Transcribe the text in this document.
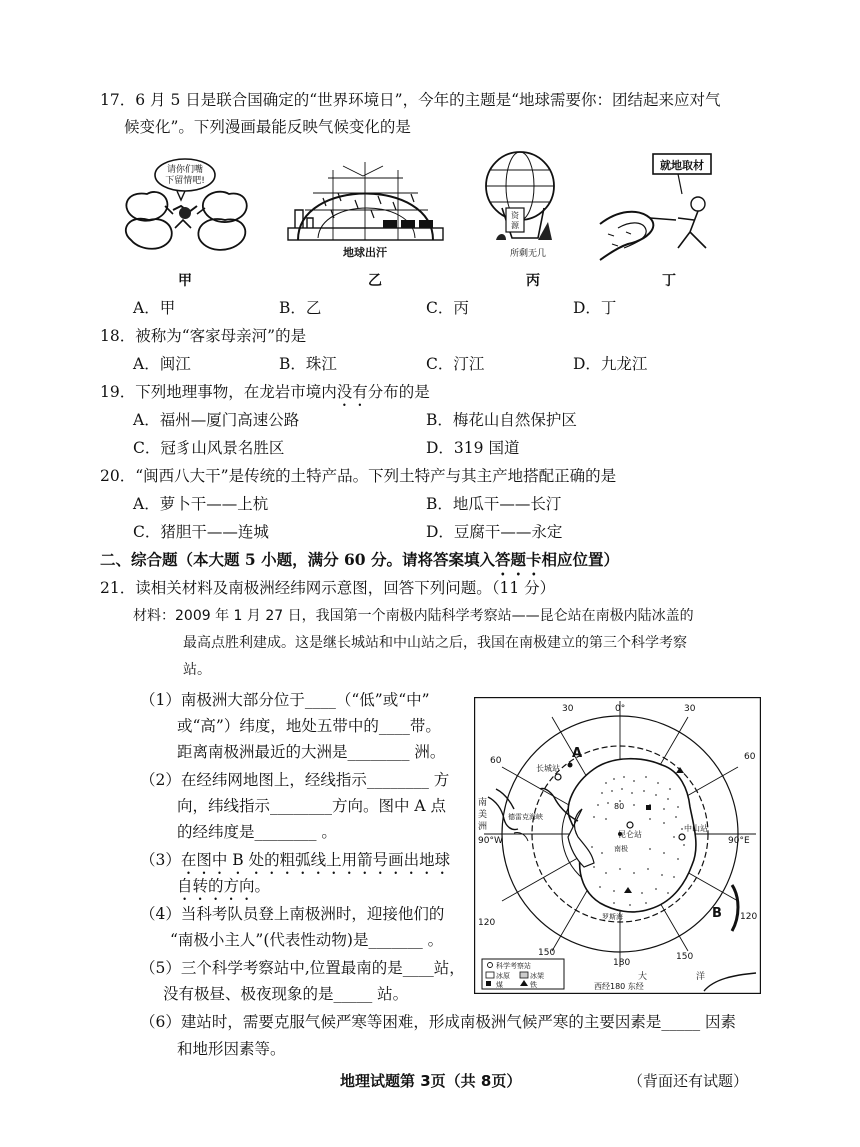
17．6 月 5 日是联合国确定的“世界环境日”，今年的主题是“地球需要你：团结起来应对气
候变化”。下列漫画最能反映气候变化的是
请你们嘴
下留情吧!
地球出汗
资
源
所剩无几
就地取材
甲	乙	丙	丁
A．甲	B．乙	C．丙	D．丁
18．被称为“客家母亲河”的是
A．闽江	B．珠江	C．汀江	D．九龙江
19．下列地理事物，在龙岩市境内没有分布的是
A．福州—厦门高速公路	B．梅花山自然保护区
C．冠豸山风景名胜区	D．319 国道
20．“闽西八大干”是传统的土特产品。下列土特产与其主产地搭配正确的是
A．萝卜干——上杭	B．地瓜干——长汀
C．猪胆干——连城	D．豆腐干——永定
二、综合题（本大题 5 小题，满分 60 分。请将答案填入答题卡相应位置）
21．读相关材料及南极洲经纬网示意图，回答下列问题。（11 分）
材料：2009 年 1 月 27 日，我国第一个南极内陆科学考察站——昆仑站在南极内陆冰盖的
最高点胜利建成。这是继长城站和中山站之后，我国在南极建立的第三个科学考察
站。
（1）南极洲大部分位于____（“低”或“中”
或“高”）纬度，地处五带中的____带。
距离南极洲最近的大洲是________ 洲。
（2）在经纬网地图上，经线指示________ 方
向，纬线指示________方向。图中 A 点
的经纬度是________ 。
（3）在图中 B 处的粗弧线上用箭号画出地球
自转的方向。
（4）当科考队员登上南极洲时，迎接他们的
“南极小主人”(代表性动物)是_______ 。
（5）三个科学考察站中,位置最南的是____站，
没有极昼、极夜现象的是_____ 站。
（6）建站时，需要克服气候严寒等困难，形成南极洲气候严寒的主要因素是_____ 因素
和地形因素等。
30	0°
60
120
150
30
60
90°E
90°W
120
150
180
A
B
长城站
中山站
昆仑站
南
美
洲
德雷克海峡
南极
80
罗斯海
科学考察站
冰原	冰架
煤	铁
大	洋
西经180 东经
地理试题第 3页（共 8页）	（背面还有试题）
